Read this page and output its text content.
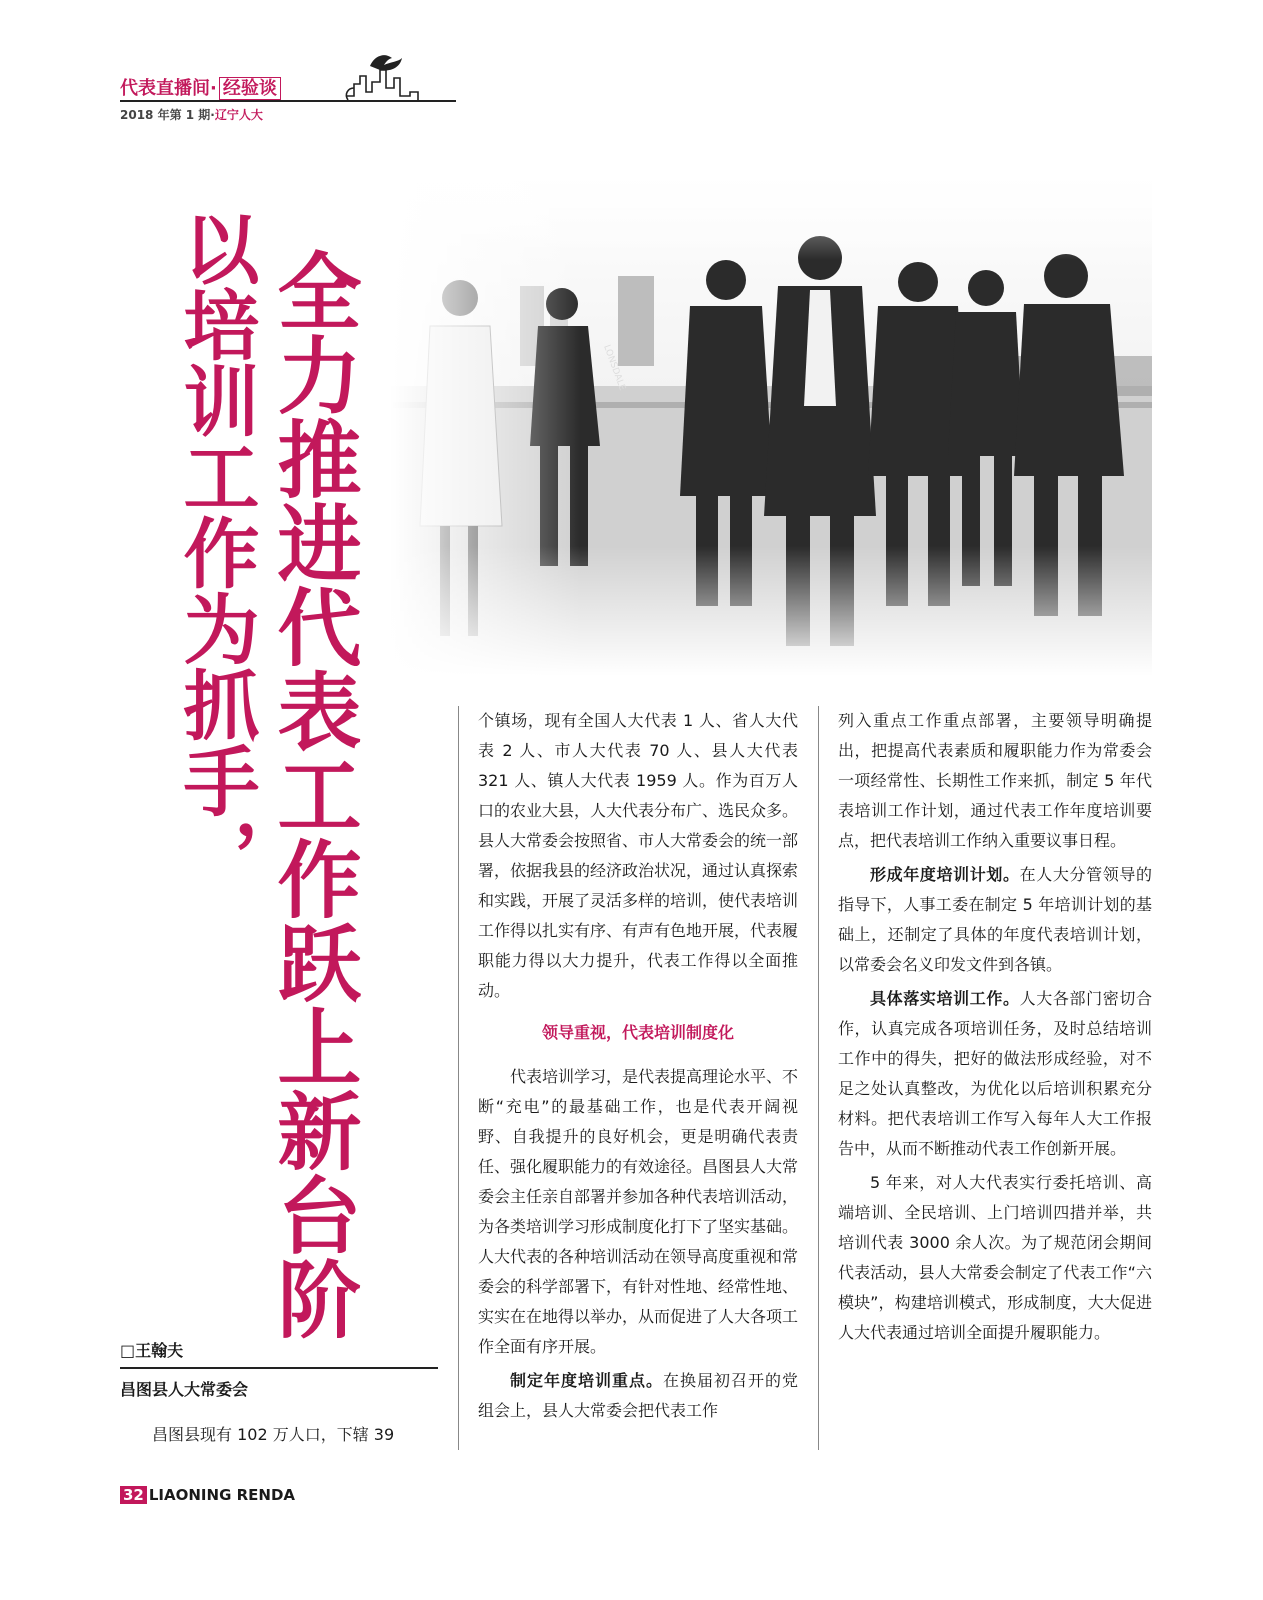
代表直播间· 经验谈
2018 年第 1 期·辽宁人大
全力推进代表工作跃上新台阶
以培训工作为抓手，
□王翰夫
昌图县人大常委会
昌图县现有 102 万人口，下辖 39

个镇场，现有全国人大代表 1 人、省人大代表 2 人、市人大代表 70 人、县人大代表 321 人、镇人大代表 1959 人。作为百万人口的农业大县，人大代表分布广、选民众多。县人大常委会按照省、市人大常委会的统一部署，依据我县的经济政治状况，通过认真探索和实践，开展了灵活多样的培训，使代表培训工作得以扎实有序、有声有色地开展，代表履职能力得以大力提升，代表工作得以全面推动。

领导重视，代表培训制度化

代表培训学习，是代表提高理论水平、不断“充电”的最基础工作，也是代表开阔视野、自我提升的良好机会，更是明确代表责任、强化履职能力的有效途径。昌图县人大常委会主任亲自部署并参加各种代表培训活动，为各类培训学习形成制度化打下了坚实基础。人大代表的各种培训活动在领导高度重视和常委会的科学部署下，有针对性地、经常性地、实实在在地得以举办，从而促进了人大各项工作全面有序开展。

制定年度培训重点。在换届初召开的党组会上，县人大常委会把代表工作

列入重点工作重点部署，主要领导明确提出，把提高代表素质和履职能力作为常委会一项经常性、长期性工作来抓，制定 5 年代表培训工作计划，通过代表工作年度培训要点，把代表培训工作纳入重要议事日程。

形成年度培训计划。在人大分管领导的指导下，人事工委在制定 5 年培训计划的基础上，还制定了具体的年度代表培训计划，以常委会名义印发文件到各镇。

具体落实培训工作。人大各部门密切合作，认真完成各项培训任务，及时总结培训工作中的得失，把好的做法形成经验，对不足之处认真整改，为优化以后培训积累充分材料。把代表培训工作写入每年人大工作报告中，从而不断推动代表工作创新开展。

5 年来，对人大代表实行委托培训、高端培训、全民培训、上门培训四措并举，共培训代表 3000 余人次。为了规范闭会期间代表活动，县人大常委会制定了代表工作“六模块”，构建培训模式，形成制度，大大促进人大代表通过培训全面提升履职能力。

32 LIAONING RENDA
